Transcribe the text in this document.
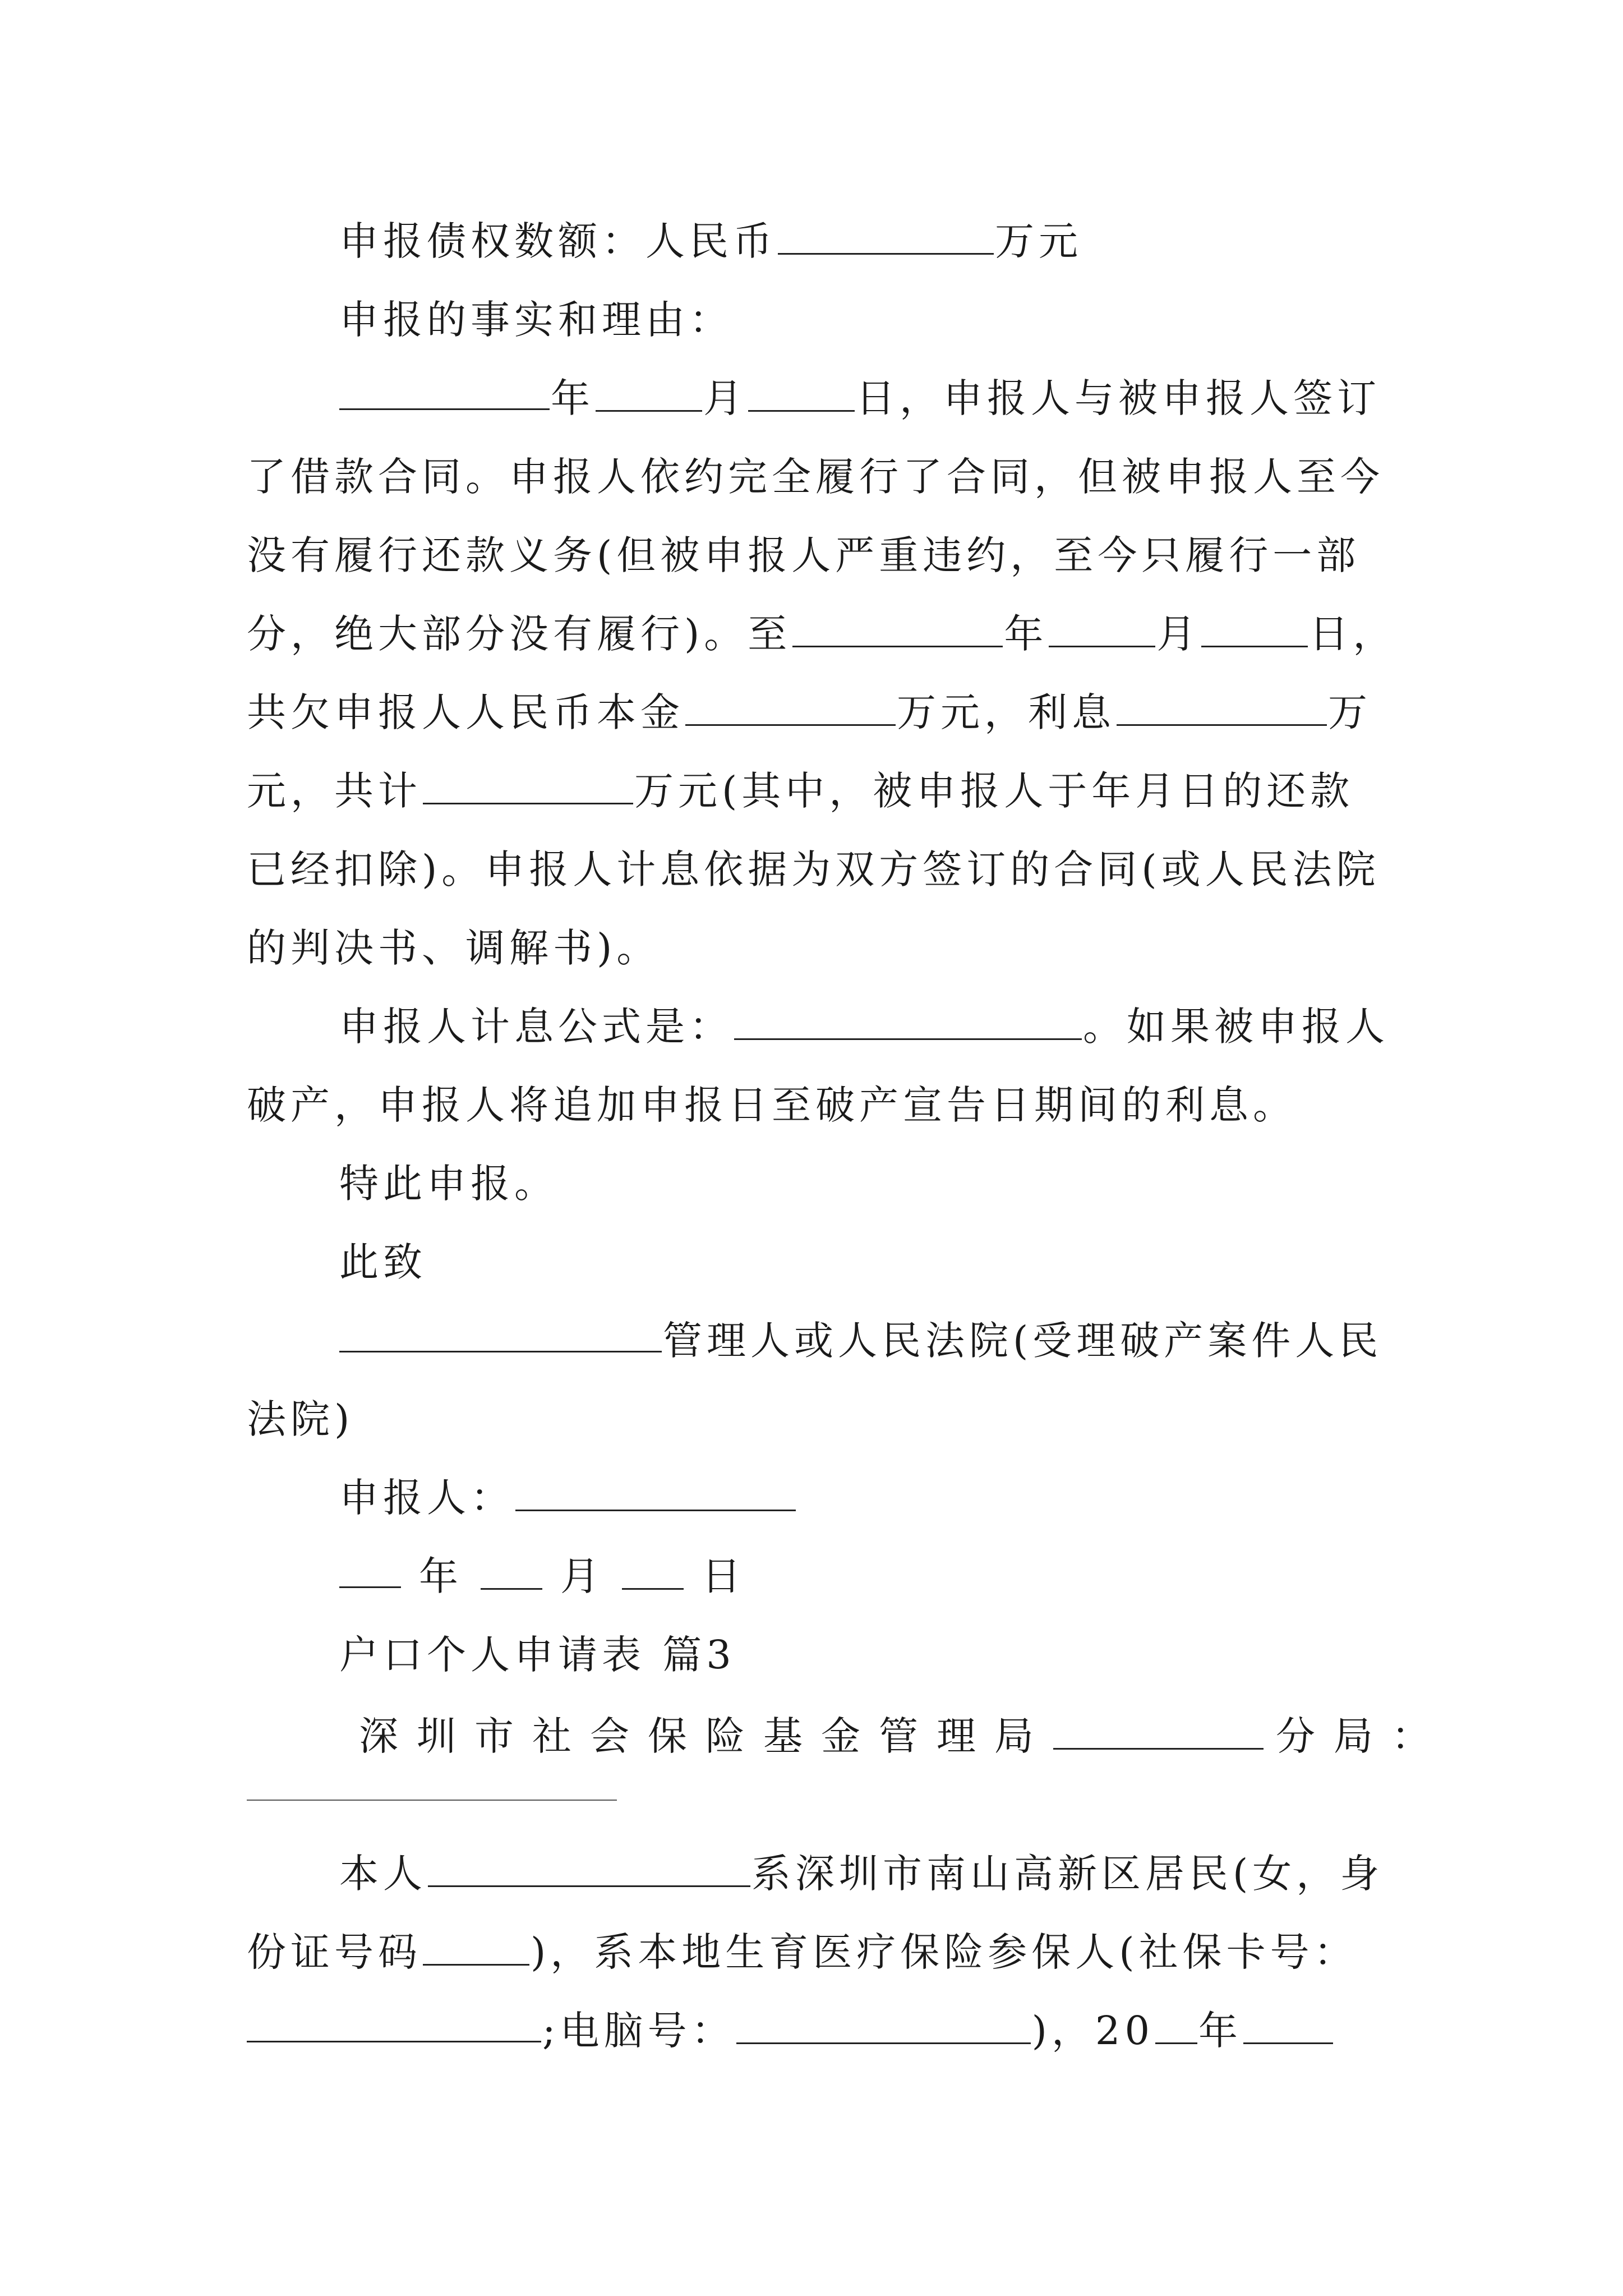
申报债权数额：人民币	万元
申报的事实和理由：
年	月	日，申报人与被申报人签订
了借款合同。申报人依约完全履行了合同，但被申报人至今
没有履行还款义务(但被申报人严重违约，至今只履行一部
分，绝大部分没有履行)。至	年	月	日，
共欠申报人人民币本金	万元，利息	万
元，共计	万元(其中，被申报人于年月日的还款
已经扣除)。申报人计息依据为双方签订的合同(或人民法院
的判决书、调解书)。
申报人计息公式是：	。如果被申报人
破产，申报人将追加申报日至破产宣告日期间的利息。
特此申报。
此致
管理人或人民法院(受理破产案件人民
法院)
申报人：
年 月 日
户口个人申请表 篇3
深圳市社会保险基金管理局	分局：
本人	系深圳市南山高新区居民(女，身
份证号码	)，系本地生育医疗保险参保人(社保卡号：
;电脑号：	)，20 年
